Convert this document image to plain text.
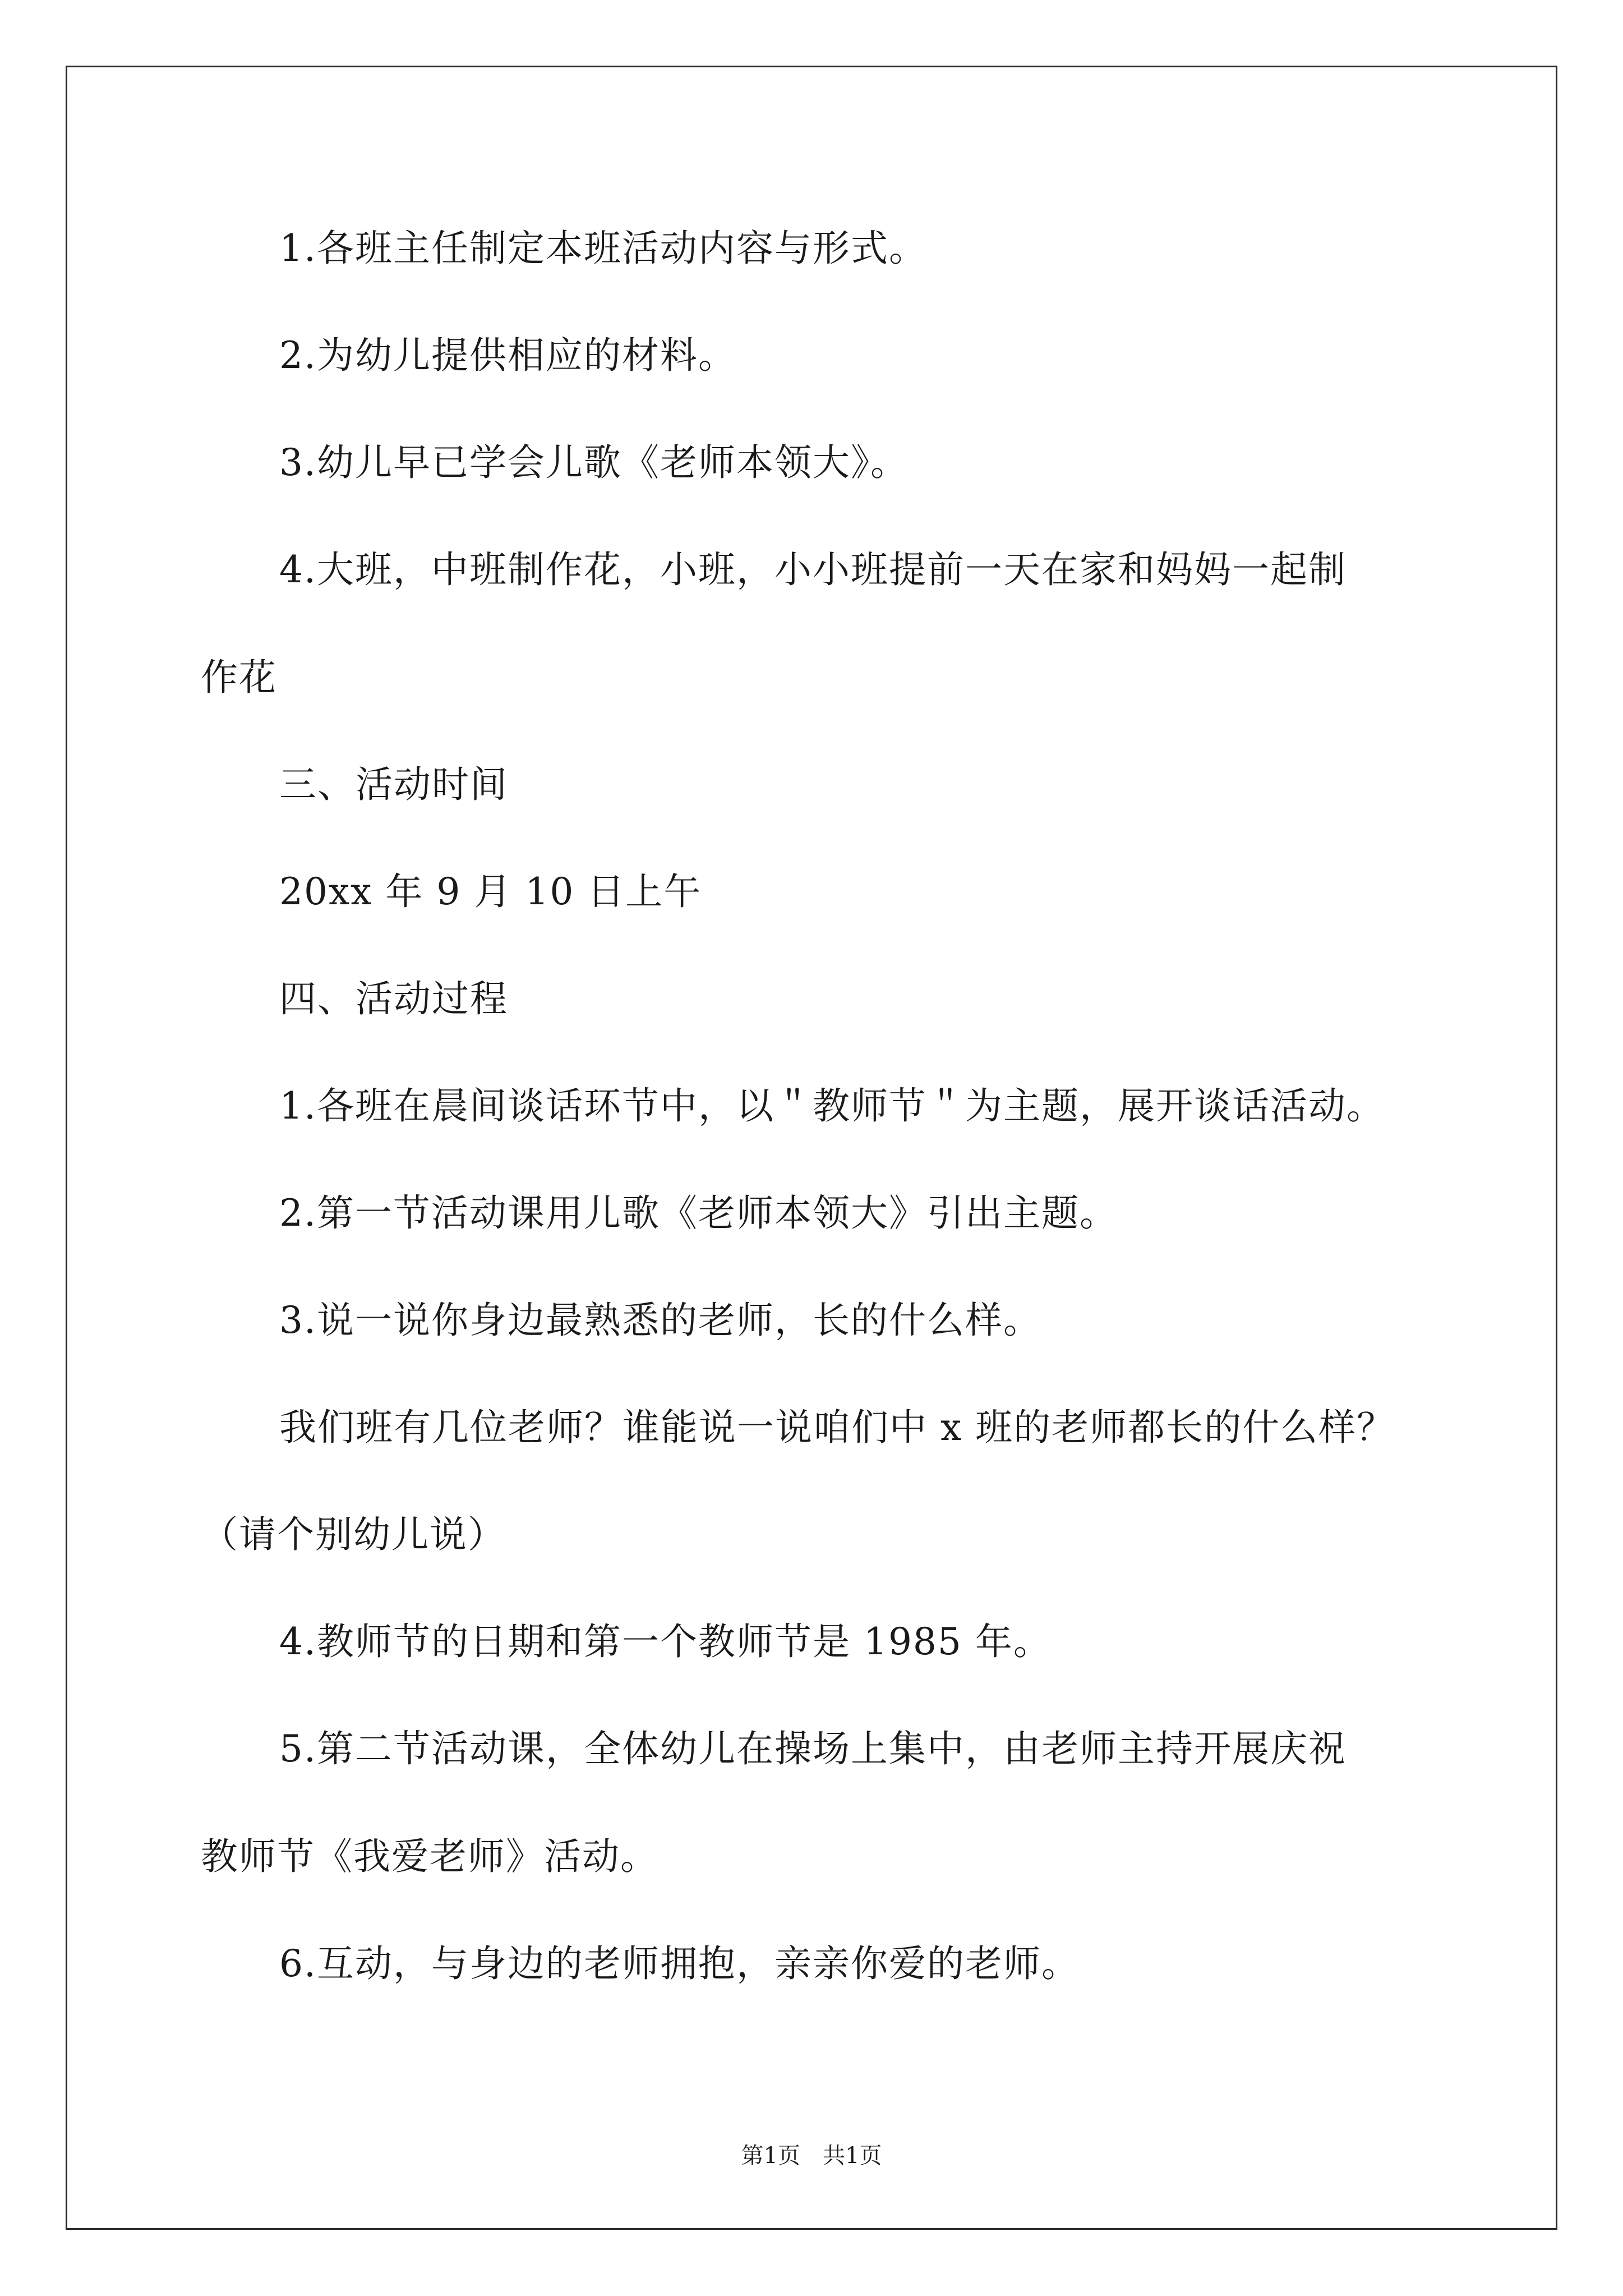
1.各班主任制定本班活动内容与形式。
2.为幼儿提供相应的材料。
3.幼儿早已学会儿歌《老师本领大》。
4.大班，中班制作花，小班，小小班提前一天在家和妈妈一起制
作花
三、活动时间
20xx 年 9 月 10 日上午
四、活动过程
1.各班在晨间谈话环节中，以＂教师节＂为主题，展开谈话活动。
2.第一节活动课用儿歌《老师本领大》引出主题。
3.说一说你身边最熟悉的老师，长的什么样。
我们班有几位老师？谁能说一说咱们中 x 班的老师都长的什么样？
（请个别幼儿说）
4.教师节的日期和第一个教师节是 1985 年。
5.第二节活动课，全体幼儿在操场上集中，由老师主持开展庆祝
教师节《我爱老师》活动。
6.互动，与身边的老师拥抱，亲亲你爱的老师。
第1页　共1页
